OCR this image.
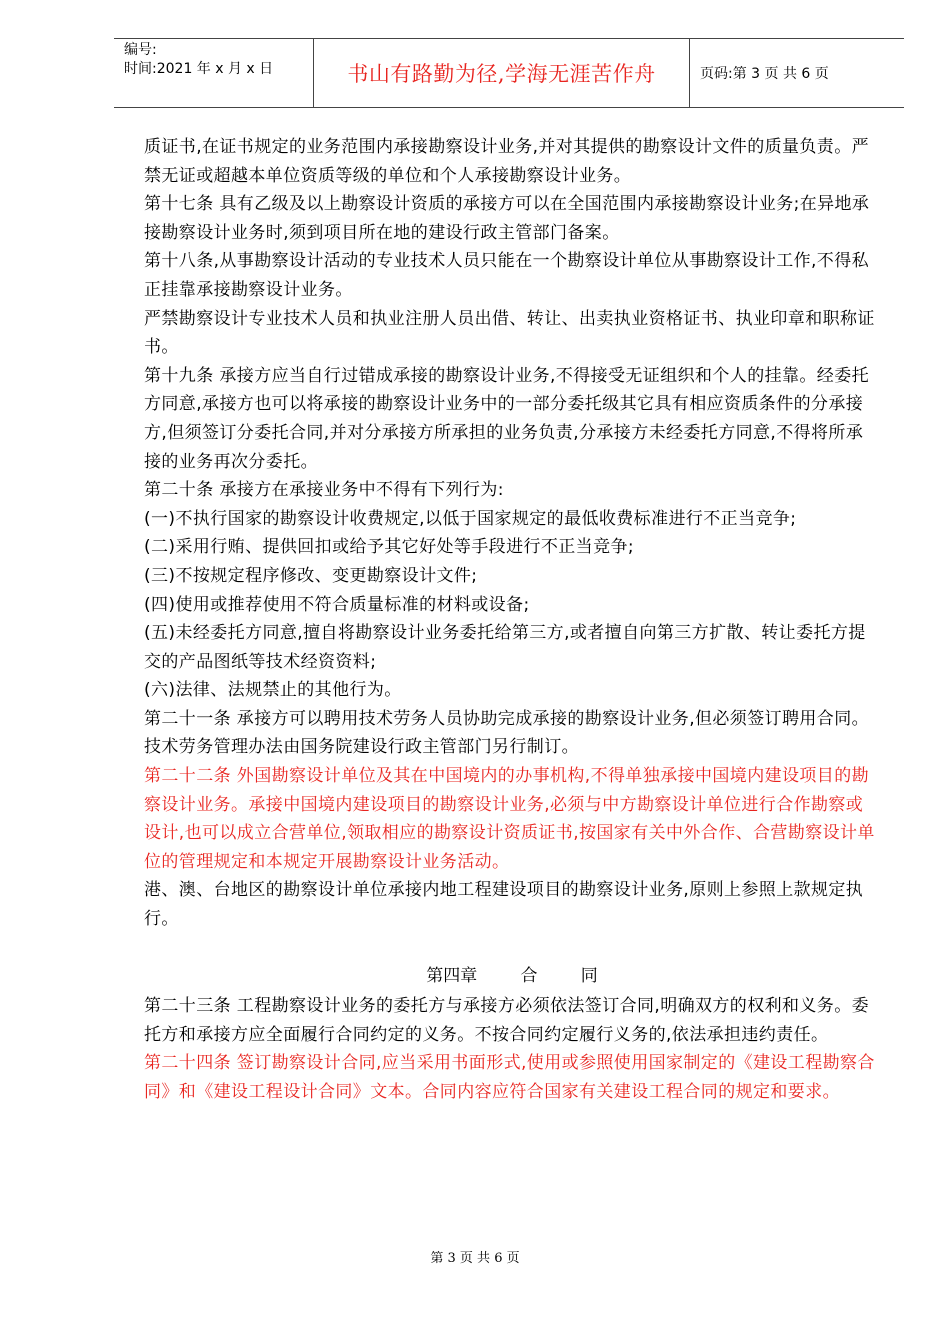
编号:
时间:2021 年 x 月 x 日	书山有路勤为径,学海无涯苦作舟	页码:第 3 页 共 6 页

质证书,在证书规定的业务范围内承接勘察设计业务,并对其提供的勘察设计文件的质量负责。严禁无证或超越本单位资质等级的单位和个人承接勘察设计业务。

第十七条 具有乙级及以上勘察设计资质的承接方可以在全国范围内承接勘察设计业务;在异地承接勘察设计业务时,须到项目所在地的建设行政主管部门备案。

第十八条,从事勘察设计活动的专业技术人员只能在一个勘察设计单位从事勘察设计工作,不得私正挂靠承接勘察设计业务。

严禁勘察设计专业技术人员和执业注册人员出借、转让、出卖执业资格证书、执业印章和职称证书。

第十九条 承接方应当自行过错成承接的勘察设计业务,不得接受无证组织和个人的挂靠。经委托方同意,承接方也可以将承接的勘察设计业务中的一部分委托级其它具有相应资质条件的分承接方,但须签订分委托合同,并对分承接方所承担的业务负责,分承接方未经委托方同意,不得将所承接的业务再次分委托。

第二十条 承接方在承接业务中不得有下列行为:

(一)不执行国家的勘察设计收费规定,以低于国家规定的最低收费标准进行不正当竞争;

(二)采用行贿、提供回扣或给予其它好处等手段进行不正当竞争;

(三)不按规定程序修改、变更勘察设计文件;

(四)使用或推荐使用不符合质量标准的材料或设备;

(五)未经委托方同意,擅自将勘察设计业务委托给第三方,或者擅自向第三方扩散、转让委托方提交的产品图纸等技术经资资料;

(六)法律、法规禁止的其他行为。

第二十一条 承接方可以聘用技术劳务人员协助完成承接的勘察设计业务,但必须签订聘用合同。技术劳务管理办法由国务院建设行政主管部门另行制订。

第二十二条 外国勘察设计单位及其在中国境内的办事机构,不得单独承接中国境内建设项目的勘察设计业务。承接中国境内建设项目的勘察设计业务,必须与中方勘察设计单位进行合作勘察或设计,也可以成立合营单位,领取相应的勘察设计资质证书,按国家有关中外合作、合营勘察设计单位的管理规定和本规定开展勘察设计业务活动。

港、澳、台地区的勘察设计单位承接内地工程建设项目的勘察设计业务,原则上参照上款规定执行。

第四章        合        同

第二十三条 工程勘察设计业务的委托方与承接方必须依法签订合同,明确双方的权利和义务。委托方和承接方应全面履行合同约定的义务。不按合同约定履行义务的,依法承担违约责任。

第二十四条 签订勘察设计合同,应当采用书面形式,使用或参照使用国家制定的《建设工程勘察合同》和《建设工程设计合同》文本。合同内容应符合国家有关建设工程合同的规定和要求。

第 3 页 共 6 页
